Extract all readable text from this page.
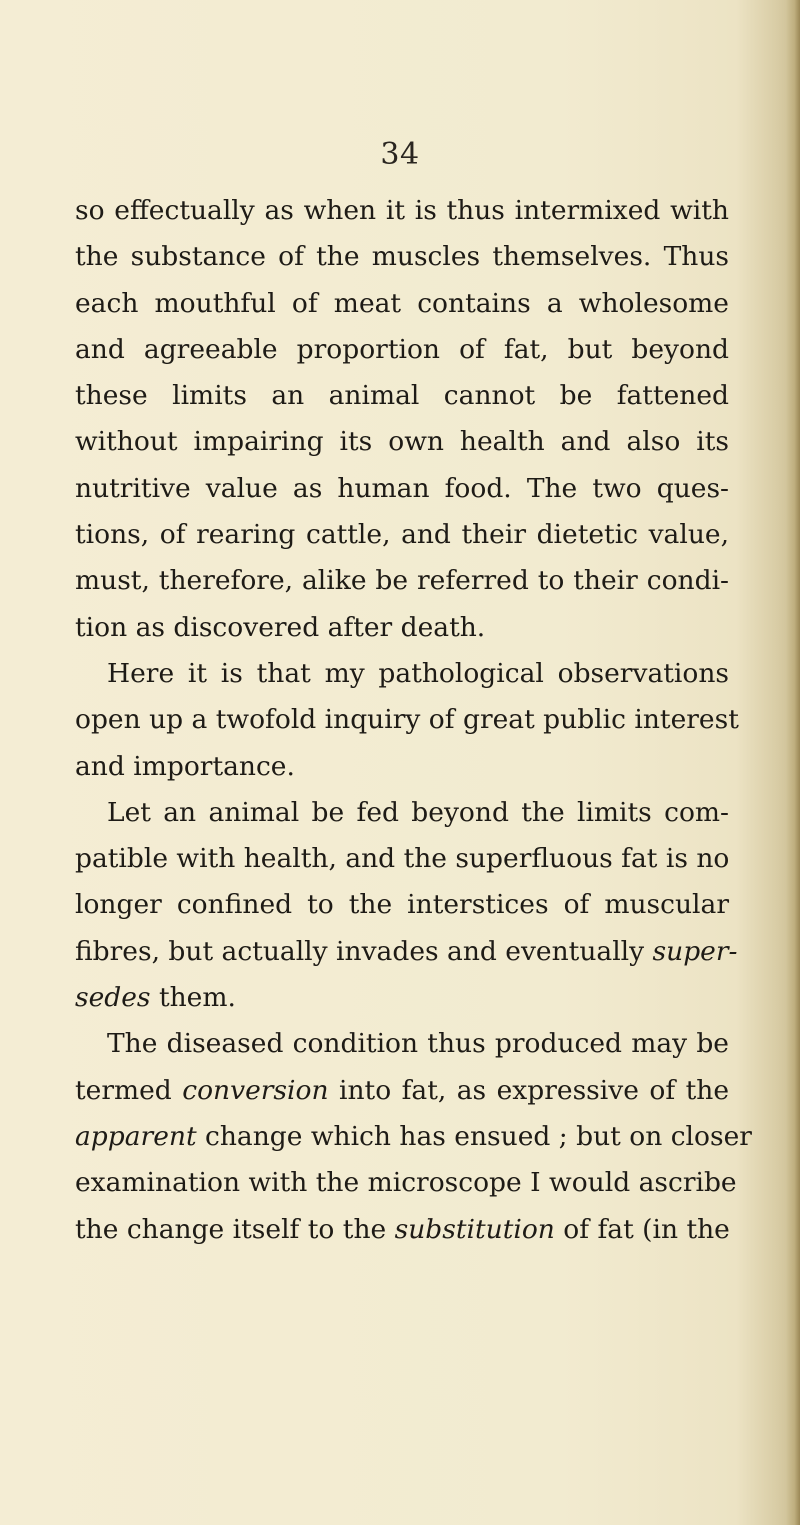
34
so effectually as when it is thus intermixed with
the substance of the muscles themselves. Thus
each mouthful of meat contains a wholesome
and agreeable proportion of fat, but beyond
these limits an animal cannot be fattened
without impairing its own health and also its
nutritive value as human food. The two ques-
tions, of rearing cattle, and their dietetic value,
must, therefore, alike be referred to their condi-
tion as discovered after death.
Here it is that my pathological observations
open up a twofold inquiry of great public interest
and importance.
Let an animal be fed beyond the limits com-
patible with health, and the superfluous fat is no
longer confined to the interstices of muscular
fibres, but actually invades and eventually super-
sedes them.
The diseased condition thus produced may be
termed conversion into fat, as expressive of the
apparent change which has ensued ; but on closer
examination with the microscope I would ascribe
the change itself to the substitution of fat (in the
